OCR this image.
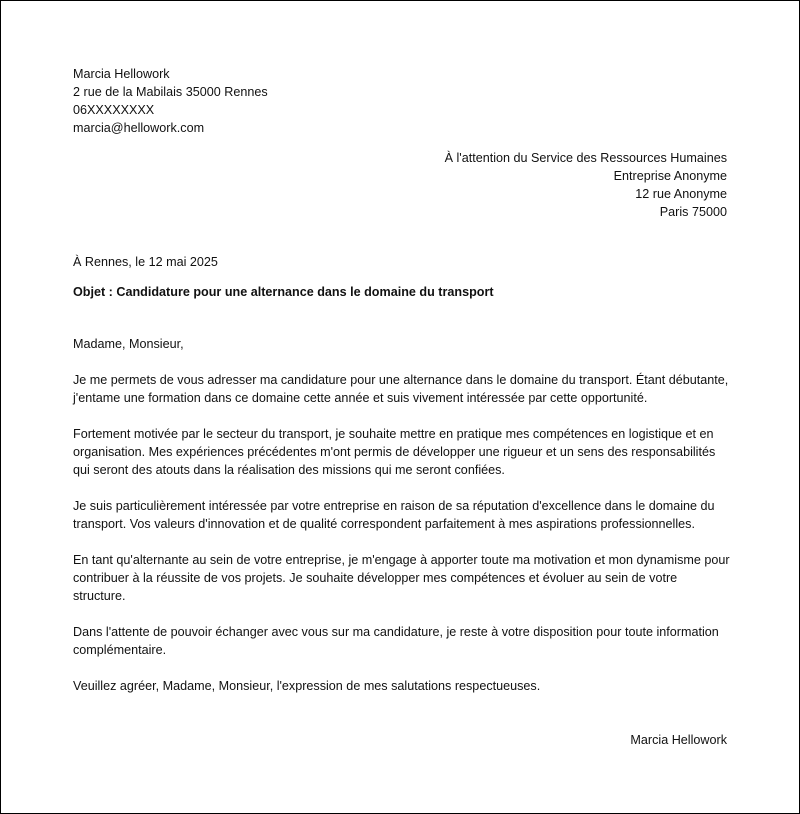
Marcia Hellowork
2 rue de la Mabilais 35000 Rennes
06XXXXXXXX
marcia@hellowork.com
À l'attention du Service des Ressources Humaines
Entreprise Anonyme
12 rue Anonyme
Paris 75000
À Rennes, le 12 mai 2025
Objet : Candidature pour une alternance dans le domaine du transport

Madame, Monsieur,

Je me permets de vous adresser ma candidature pour une alternance dans le domaine du transport. Étant débutante, j'entame une formation dans ce domaine cette année et suis vivement intéressée par cette opportunité.

Fortement motivée par le secteur du transport, je souhaite mettre en pratique mes compétences en logistique et en organisation. Mes expériences précédentes m'ont permis de développer une rigueur et un sens des responsabilités qui seront des atouts dans la réalisation des missions qui me seront confiées.

Je suis particulièrement intéressée par votre entreprise en raison de sa réputation d'excellence dans le domaine du transport. Vos valeurs d'innovation et de qualité correspondent parfaitement à mes aspirations professionnelles.

En tant qu'alternante au sein de votre entreprise, je m'engage à apporter toute ma motivation et mon dynamisme pour contribuer à la réussite de vos projets. Je souhaite développer mes compétences et évoluer au sein de votre structure.

Dans l'attente de pouvoir échanger avec vous sur ma candidature, je reste à votre disposition pour toute information complémentaire.

Veuillez agréer, Madame, Monsieur, l'expression de mes salutations respectueuses.

Marcia Hellowork
